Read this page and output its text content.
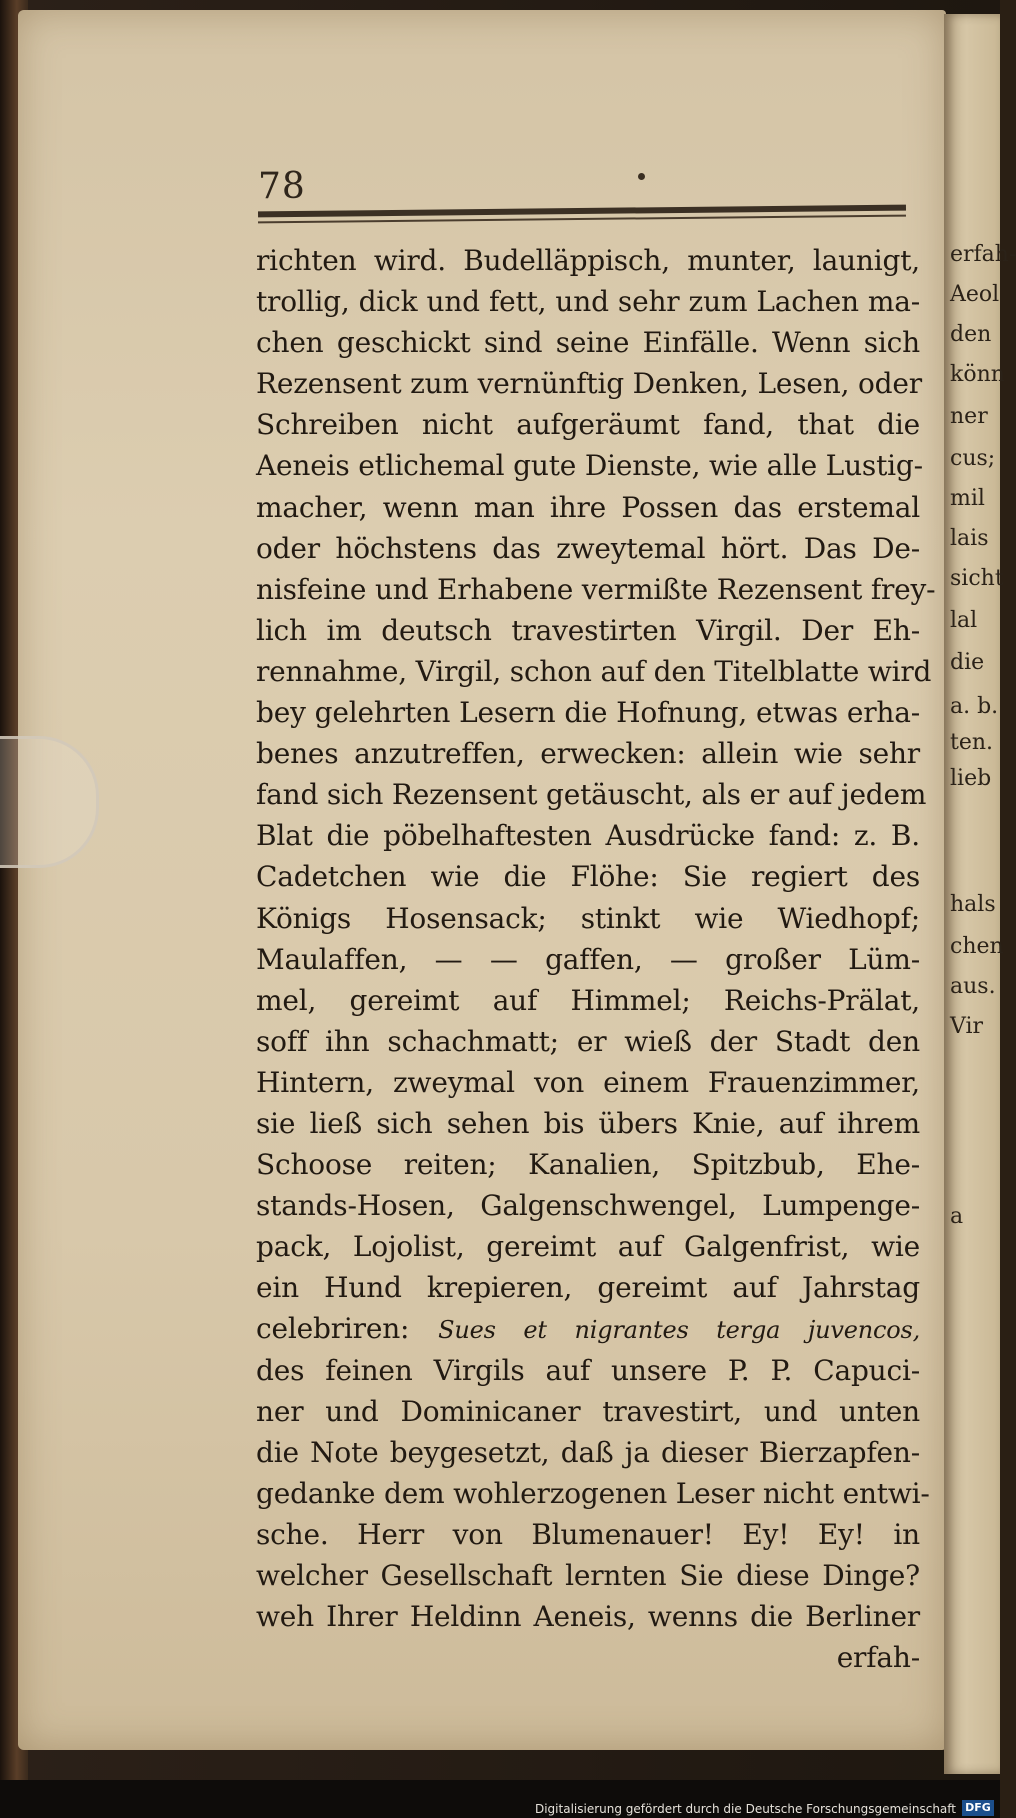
erfah-
Aeol
den
könn
ner
cus;
mil
lais
sicht
lal
die
a. b.
ten.
lieb
hals
chen
aus.
Vir
a
78
richten wird. Budelläppisch, munter, launigt,
trollig, dick und fett, und sehr zum Lachen ma-
chen geschickt sind seine Einfälle. Wenn sich
Rezensent zum vernünftig Denken, Lesen, oder
Schreiben nicht aufgeräumt fand, that die
Aeneis etlichemal gute Dienste, wie alle Lustig-
macher, wenn man ihre Possen das erstemal
oder höchstens das zweytemal hört. Das De-
nisfeine und Erhabene vermißte Rezensent frey-
lich im deutsch travestirten Virgil. Der Eh-
rennahme, Virgil, schon auf den Titelblatte wird
bey gelehrten Lesern die Hofnung, etwas erha-
benes anzutreffen, erwecken: allein wie sehr
fand sich Rezensent getäuscht, als er auf jedem
Blat die pöbelhaftesten Ausdrücke fand: z. B.
Cadetchen wie die Flöhe: Sie regiert des
Königs Hosensack; stinkt wie Wiedhopf;
Maulaffen, — — gaffen, — großer Lüm-
mel, gereimt auf Himmel; Reichs-Prälat,
soff ihn schachmatt; er wieß der Stadt den
Hintern, zweymal von einem Frauenzimmer,
sie ließ sich sehen bis übers Knie, auf ihrem
Schoose reiten; Kanalien, Spitzbub, Ehe-
stands-Hosen, Galgenschwengel, Lumpenge-
pack, Lojolist, gereimt auf Galgenfrist, wie
ein Hund krepieren, gereimt auf Jahrstag
celebriren: Sues et nigrantes terga juvencos,
des feinen Virgils auf unsere P. P. Capuci-
ner und Dominicaner travestirt, und unten
die Note beygesetzt, daß ja dieser Bierzapfen-
gedanke dem wohlerzogenen Leser nicht entwi-
sche. Herr von Blumenauer! Ey! Ey! in
welcher Gesellschaft lernten Sie diese Dinge?
weh Ihrer Heldinn Aeneis, wenns die Berliner
erfah-
Digitalisierung gefördert durch die Deutsche Forschungsgemeinschaft DFG
